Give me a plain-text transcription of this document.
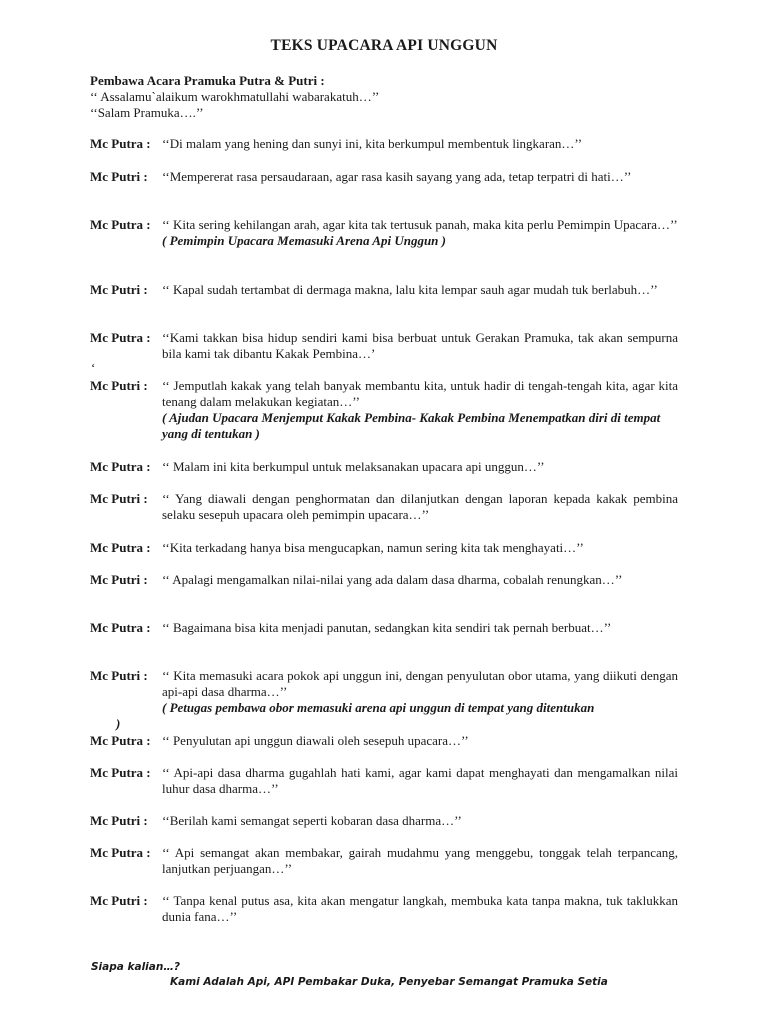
TEKS UPACARA API UNGGUN
Pembawa Acara Pramuka Putra & Putri :
‘‘ Assalamu`alaikum warokhmatullahi wabarakatuh…’’
‘‘Salam Pramuka….’’
Mc Putra : ‘‘Di malam yang hening dan sunyi ini, kita berkumpul membentuk lingkaran…’’
Mc Putri :	‘‘Mempererat rasa persaudaraan, agar rasa kasih sayang yang ada, tetap terpatri di hati…’’
Mc Putra : ‘‘ Kita sering kehilangan arah, agar kita tak tertusuk panah, maka kita perlu Pemimpin Upacara…’’
( Pemimpin Upacara Memasuki Arena Api Unggun )
Mc Putri :	‘‘ Kapal sudah tertambat di dermaga makna, lalu kita lempar sauh agar mudah tuk berlabuh…’’
Mc Putra : ‘‘Kami takkan bisa hidup sendiri kami bisa berbuat untuk Gerakan Pramuka, tak akan sempurna bila kami tak dibantu Kakak Pembina…’
Mc Putri :	‘‘ Jemputlah kakak yang telah banyak membantu kita, untuk hadir di tengah-tengah kita, agar kita tenang dalam melakukan kegiatan…’’
( Ajudan Upacara Menjemput Kakak Pembina- Kakak Pembina Menempatkan diri di tempat yang di tentukan )
Mc Putra : ‘‘ Malam ini kita berkumpul untuk melaksanakan upacara api unggun…’’
Mc Putri :	‘‘ Yang diawali dengan penghormatan dan dilanjutkan dengan laporan kepada kakak pembina selaku sesepuh upacara oleh pemimpin upacara…’’
Mc Putra : ‘‘Kita terkadang hanya bisa mengucapkan, namun sering kita tak menghayati…’’
Mc Putri :	‘‘ Apalagi mengamalkan nilai-nilai yang ada dalam dasa dharma, cobalah renungkan…’’
Mc Putra : ‘‘ Bagaimana bisa kita menjadi panutan, sedangkan kita sendiri tak pernah berbuat…’’
Mc Putri :	‘‘ Kita memasuki acara pokok api unggun ini, dengan penyulutan obor utama, yang diikuti dengan api-api dasa dharma…’’
( Petugas pembawa obor memasuki arena api unggun di tempat yang ditentukan
Mc Putra : ‘‘ Penyulutan api unggun diawali oleh sesepuh upacara…’’
Mc Putra : ‘‘ Api-api dasa dharma gugahlah hati kami, agar kami dapat menghayati dan mengamalkan nilai luhur dasa dharma…’’
Mc Putri :	‘‘Berilah kami semangat seperti kobaran dasa dharma…’’
Mc Putra : ‘‘ Api semangat akan membakar, gairah mudahmu yang menggebu, tonggak telah terpancang, lanjutkan perjuangan…’’
Mc Putri :	‘‘ Tanpa kenal putus asa, kita akan mengatur langkah, membuka kata tanpa makna, tuk taklukkan dunia fana…’’
‘
)
Siapa kalian…?
Kami Adalah Api, API Pembakar Duka, Penyebar Semangat Pramuka Setia
